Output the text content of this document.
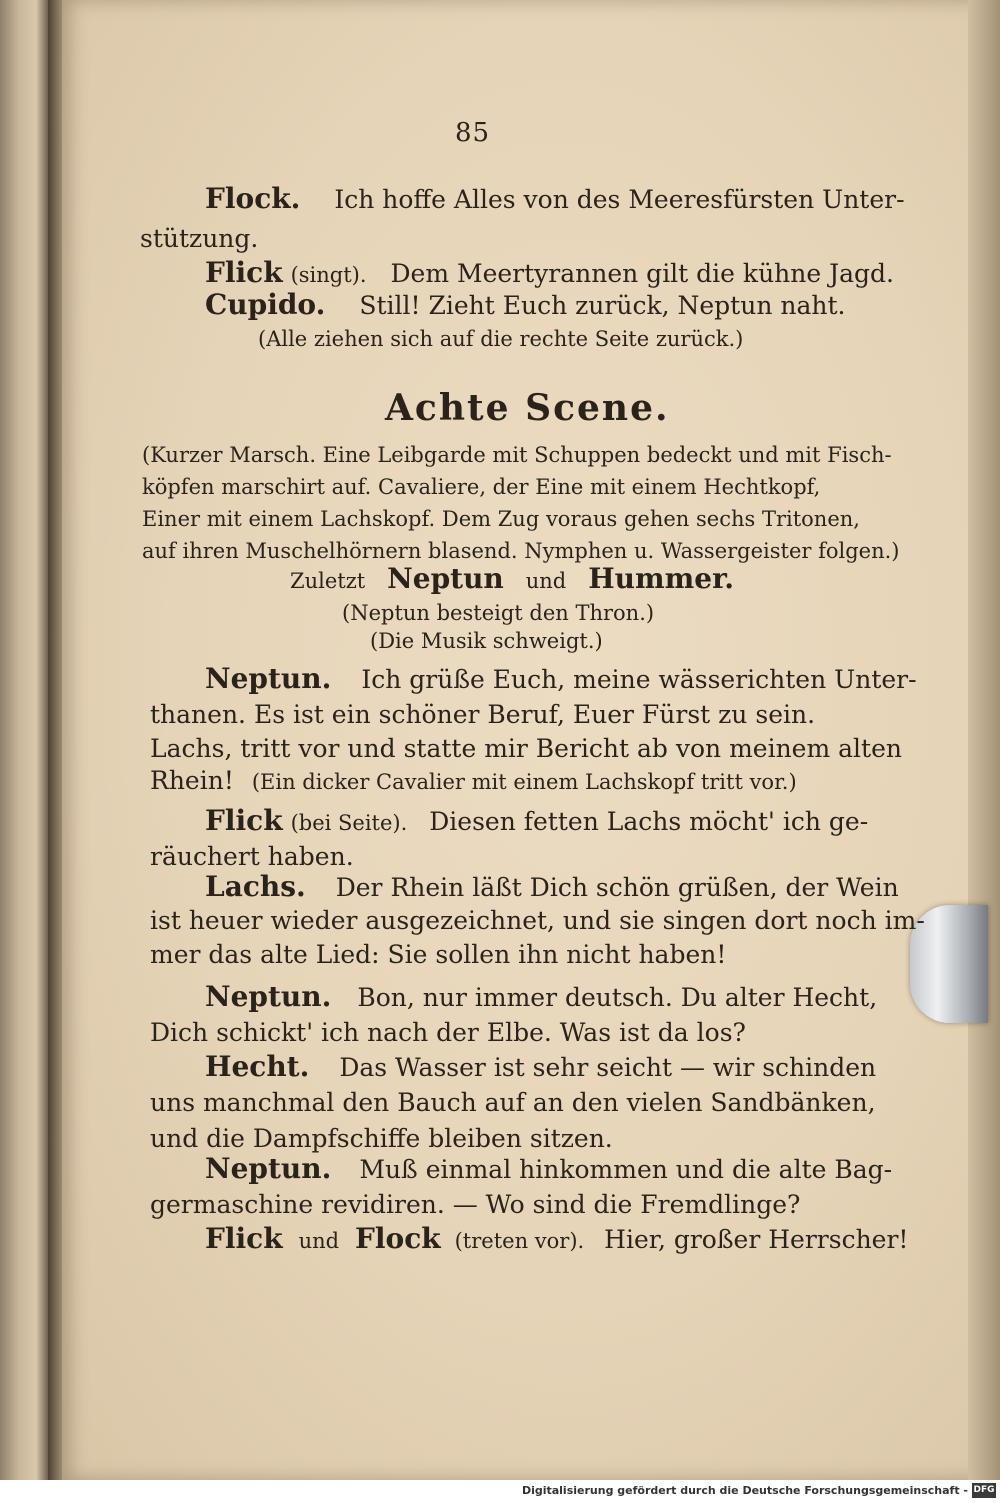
85
Flock. Ich hoffe Alles von des Meeresfürsten Unter-
stützung.
Flick (singt). Dem Meertyrannen gilt die kühne Jagd.
Cupido. Still! Zieht Euch zurück, Neptun naht.
(Alle ziehen sich auf die rechte Seite zurück.)
Achte Scene.
(Kurzer Marsch. Eine Leibgarde mit Schuppen bedeckt und mit Fisch-
köpfen marschirt auf. Cavaliere, der Eine mit einem Hechtkopf,
Einer mit einem Lachskopf. Dem Zug voraus gehen sechs Tritonen,
auf ihren Muschelhörnern blasend. Nymphen u. Wassergeister folgen.)
Zuletzt Neptun und Hummer.
(Neptun besteigt den Thron.)
(Die Musik schweigt.)
Neptun. Ich grüße Euch, meine wässerichten Unter-
thanen. Es ist ein schöner Beruf, Euer Fürst zu sein.
Lachs, tritt vor und statte mir Bericht ab von meinem alten
Rhein! (Ein dicker Cavalier mit einem Lachskopf tritt vor.)
Flick (bei Seite). Diesen fetten Lachs möcht' ich ge-
räuchert haben.
Lachs. Der Rhein läßt Dich schön grüßen, der Wein
ist heuer wieder ausgezeichnet, und sie singen dort noch im-
mer das alte Lied: Sie sollen ihn nicht haben!
Neptun. Bon, nur immer deutsch. Du alter Hecht,
Dich schickt' ich nach der Elbe. Was ist da los?
Hecht. Das Wasser ist sehr seicht — wir schinden
uns manchmal den Bauch auf an den vielen Sandbänken,
und die Dampfschiffe bleiben sitzen.
Neptun. Muß einmal hinkommen und die alte Bag-
germaschine revidiren. — Wo sind die Fremdlinge?
Flick und Flock (treten vor). Hier, großer Herrscher!
Digitalisierung gefördert durch die Deutsche Forschungsgemeinschaft - DFG
